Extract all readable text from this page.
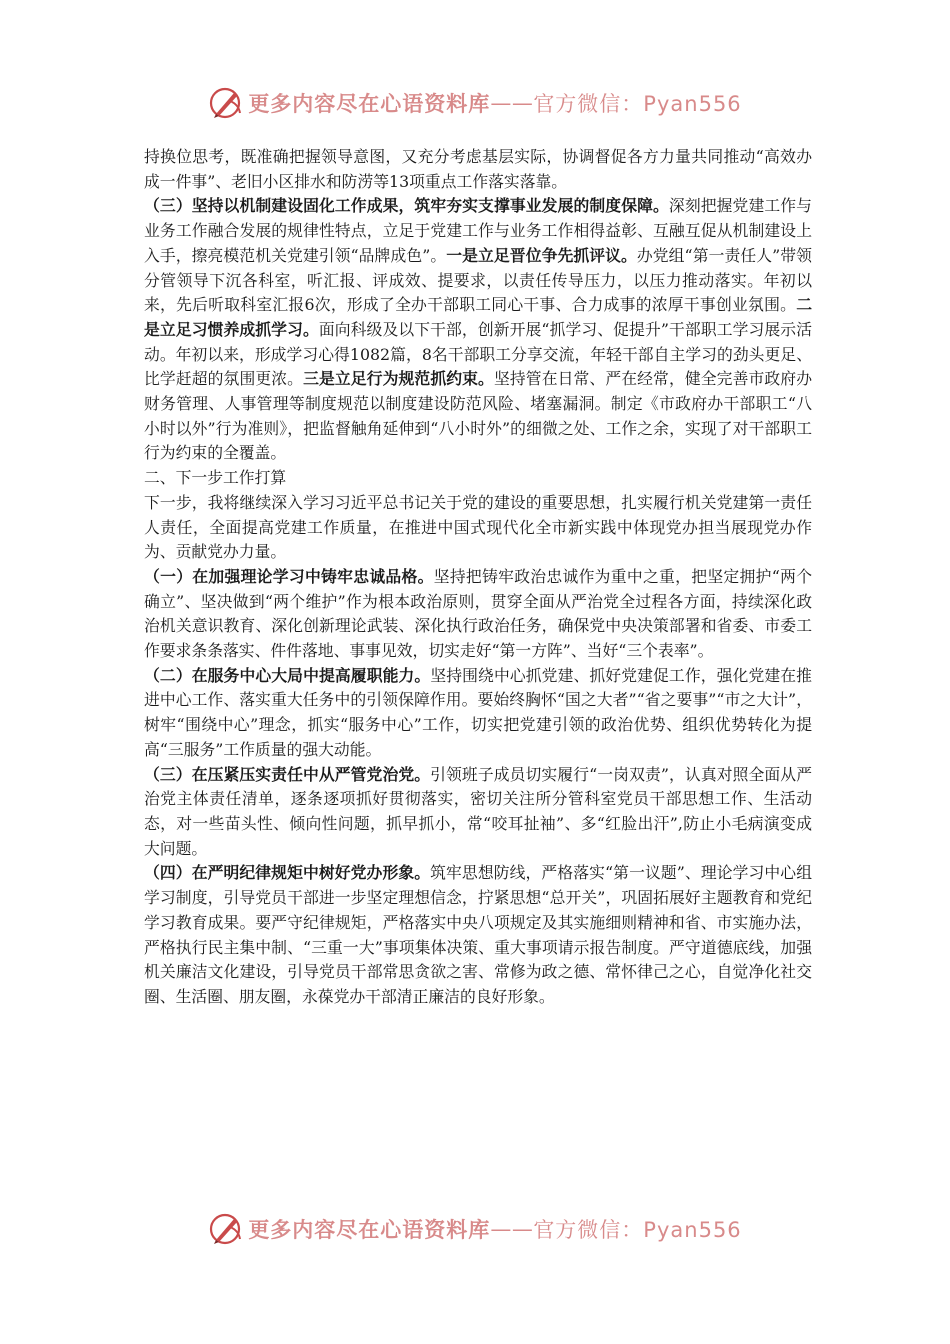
更多内容尽在心语资料库 —— 官方微信：Pyan556

持换位思考，既准确把握领导意图，又充分考虑基层实际，协调督促各方力量共同推动“高效办成一件事”、老旧小区排水和防涝等13项重点工作落实落靠。

（三）坚持以机制建设固化工作成果，筑牢夯实支撑事业发展的制度保障。深刻把握党建工作与业务工作融合发展的规律性特点，立足于党建工作与业务工作相得益彰、互融互促从机制建设上入手，擦亮模范机关党建引领“品牌成色”。一是立足晋位争先抓评议。办党组“第一责任人”带领分管领导下沉各科室，听汇报、评成效、提要求，以责任传导压力，以压力推动落实。年初以来，先后听取科室汇报6次，形成了全办干部职工同心干事、合力成事的浓厚干事创业氛围。二是立足习惯养成抓学习。面向科级及以下干部，创新开展“抓学习、促提升”干部职工学习展示活动。年初以来，形成学习心得1082篇，8名干部职工分享交流，年轻干部自主学习的劲头更足、比学赶超的氛围更浓。三是立足行为规范抓约束。坚持管在日常、严在经常，健全完善市政府办财务管理、人事管理等制度规范以制度建设防范风险、堵塞漏洞。制定《市政府办干部职工“八小时以外”行为准则》，把监督触角延伸到“八小时外”的细微之处、工作之余，实现了对干部职工行为约束的全覆盖。

二、下一步工作打算

下一步，我将继续深入学习习近平总书记关于党的建设的重要思想，扎实履行机关党建第一责任人责任，全面提高党建工作质量，在推进中国式现代化全市新实践中体现党办担当展现党办作为、贡献党办力量。

（一）在加强理论学习中铸牢忠诚品格。坚持把铸牢政治忠诚作为重中之重，把坚定拥护“两个确立”、坚决做到“两个维护”作为根本政治原则，贯穿全面从严治党全过程各方面，持续深化政治机关意识教育、深化创新理论武装、深化执行政治任务，确保党中央决策部署和省委、市委工作要求条条落实、件件落地、事事见效，切实走好“第一方阵”、当好“三个表率”。

（二）在服务中心大局中提高履职能力。坚持围绕中心抓党建、抓好党建促工作，强化党建在推进中心工作、落实重大任务中的引领保障作用。要始终胸怀“国之大者”“省之要事”“市之大计”，树牢“围绕中心”理念，抓实“服务中心”工作，切实把党建引领的政治优势、组织优势转化为提高“三服务”工作质量的强大动能。

（三）在压紧压实责任中从严管党治党。引领班子成员切实履行“一岗双责”，认真对照全面从严治党主体责任清单，逐条逐项抓好贯彻落实，密切关注所分管科室党员干部思想工作、生活动态，对一些苗头性、倾向性问题，抓早抓小，常“咬耳扯袖”、多“红脸出汗”,防止小毛病演变成大问题。

（四）在严明纪律规矩中树好党办形象。筑牢思想防线，严格落实“第一议题”、理论学习中心组学习制度，引导党员干部进一步坚定理想信念，拧紧思想“总开关”，巩固拓展好主题教育和党纪学习教育成果。要严守纪律规矩，严格落实中央八项规定及其实施细则精神和省、市实施办法，严格执行民主集中制、“三重一大”事项集体决策、重大事项请示报告制度。严守道德底线，加强机关廉洁文化建设，引导党员干部常思贪欲之害、常修为政之德、常怀律己之心，自觉净化社交圈、生活圈、朋友圈，永葆党办干部清正廉洁的良好形象。

更多内容尽在心语资料库 —— 官方微信：Pyan556
